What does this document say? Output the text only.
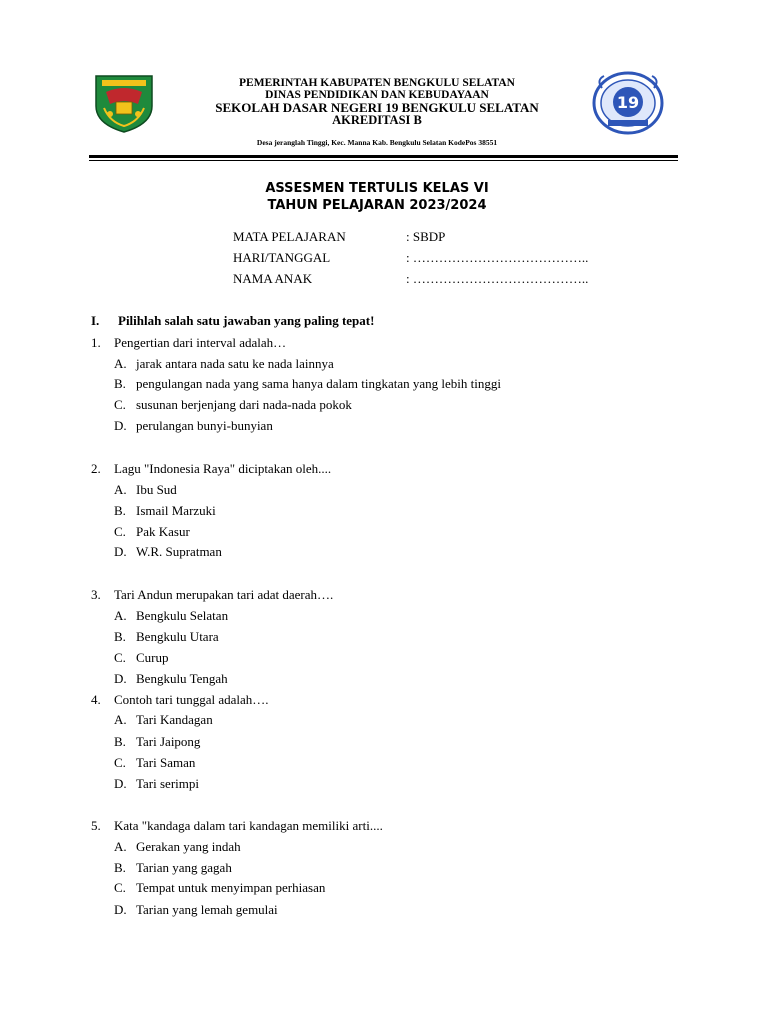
PEMERINTAH KABUPATEN BENGKULU SELATAN
DINAS PENDIDIKAN DAN KEBUDAYAAN
SEKOLAH DASAR NEGERI 19 BENGKULU SELATAN
AKREDITASI B
Desa jeranglah Tinggi, Kec. Manna Kab. Bengkulu Selatan KodePos 38551
19
ASSESMEN TERTULIS KELAS VI
TAHUN PELAJARAN 2023/2024
MATA PELAJARAN	: SBDP
HARI/TANGGAL	: …………………………………..
NAMA ANAK	: …………………………………..
I. Pilihlah salah satu jawaban yang paling tepat!
1. Pengertian dari interval adalah…
A. jarak antara nada satu ke nada lainnya
B. pengulangan nada yang sama hanya dalam tingkatan yang lebih tinggi
C. susunan berjenjang dari nada-nada pokok
D. perulangan bunyi-bunyian
2. Lagu "Indonesia Raya" diciptakan oleh....
A. Ibu Sud
B. Ismail Marzuki
C. Pak Kasur
D. W.R. Supratman
3. Tari Andun merupakan tari adat daerah….
A. Bengkulu Selatan
B. Bengkulu Utara
C. Curup
D. Bengkulu Tengah
4. Contoh tari tunggal adalah….
A. Tari Kandagan
B. Tari Jaipong
C. Tari Saman
D. Tari serimpi
5. Kata "kandaga dalam tari kandagan memiliki arti....
A. Gerakan yang indah
B. Tarian yang gagah
C. Tempat untuk menyimpan perhiasan
D. Tarian yang lemah gemulai
